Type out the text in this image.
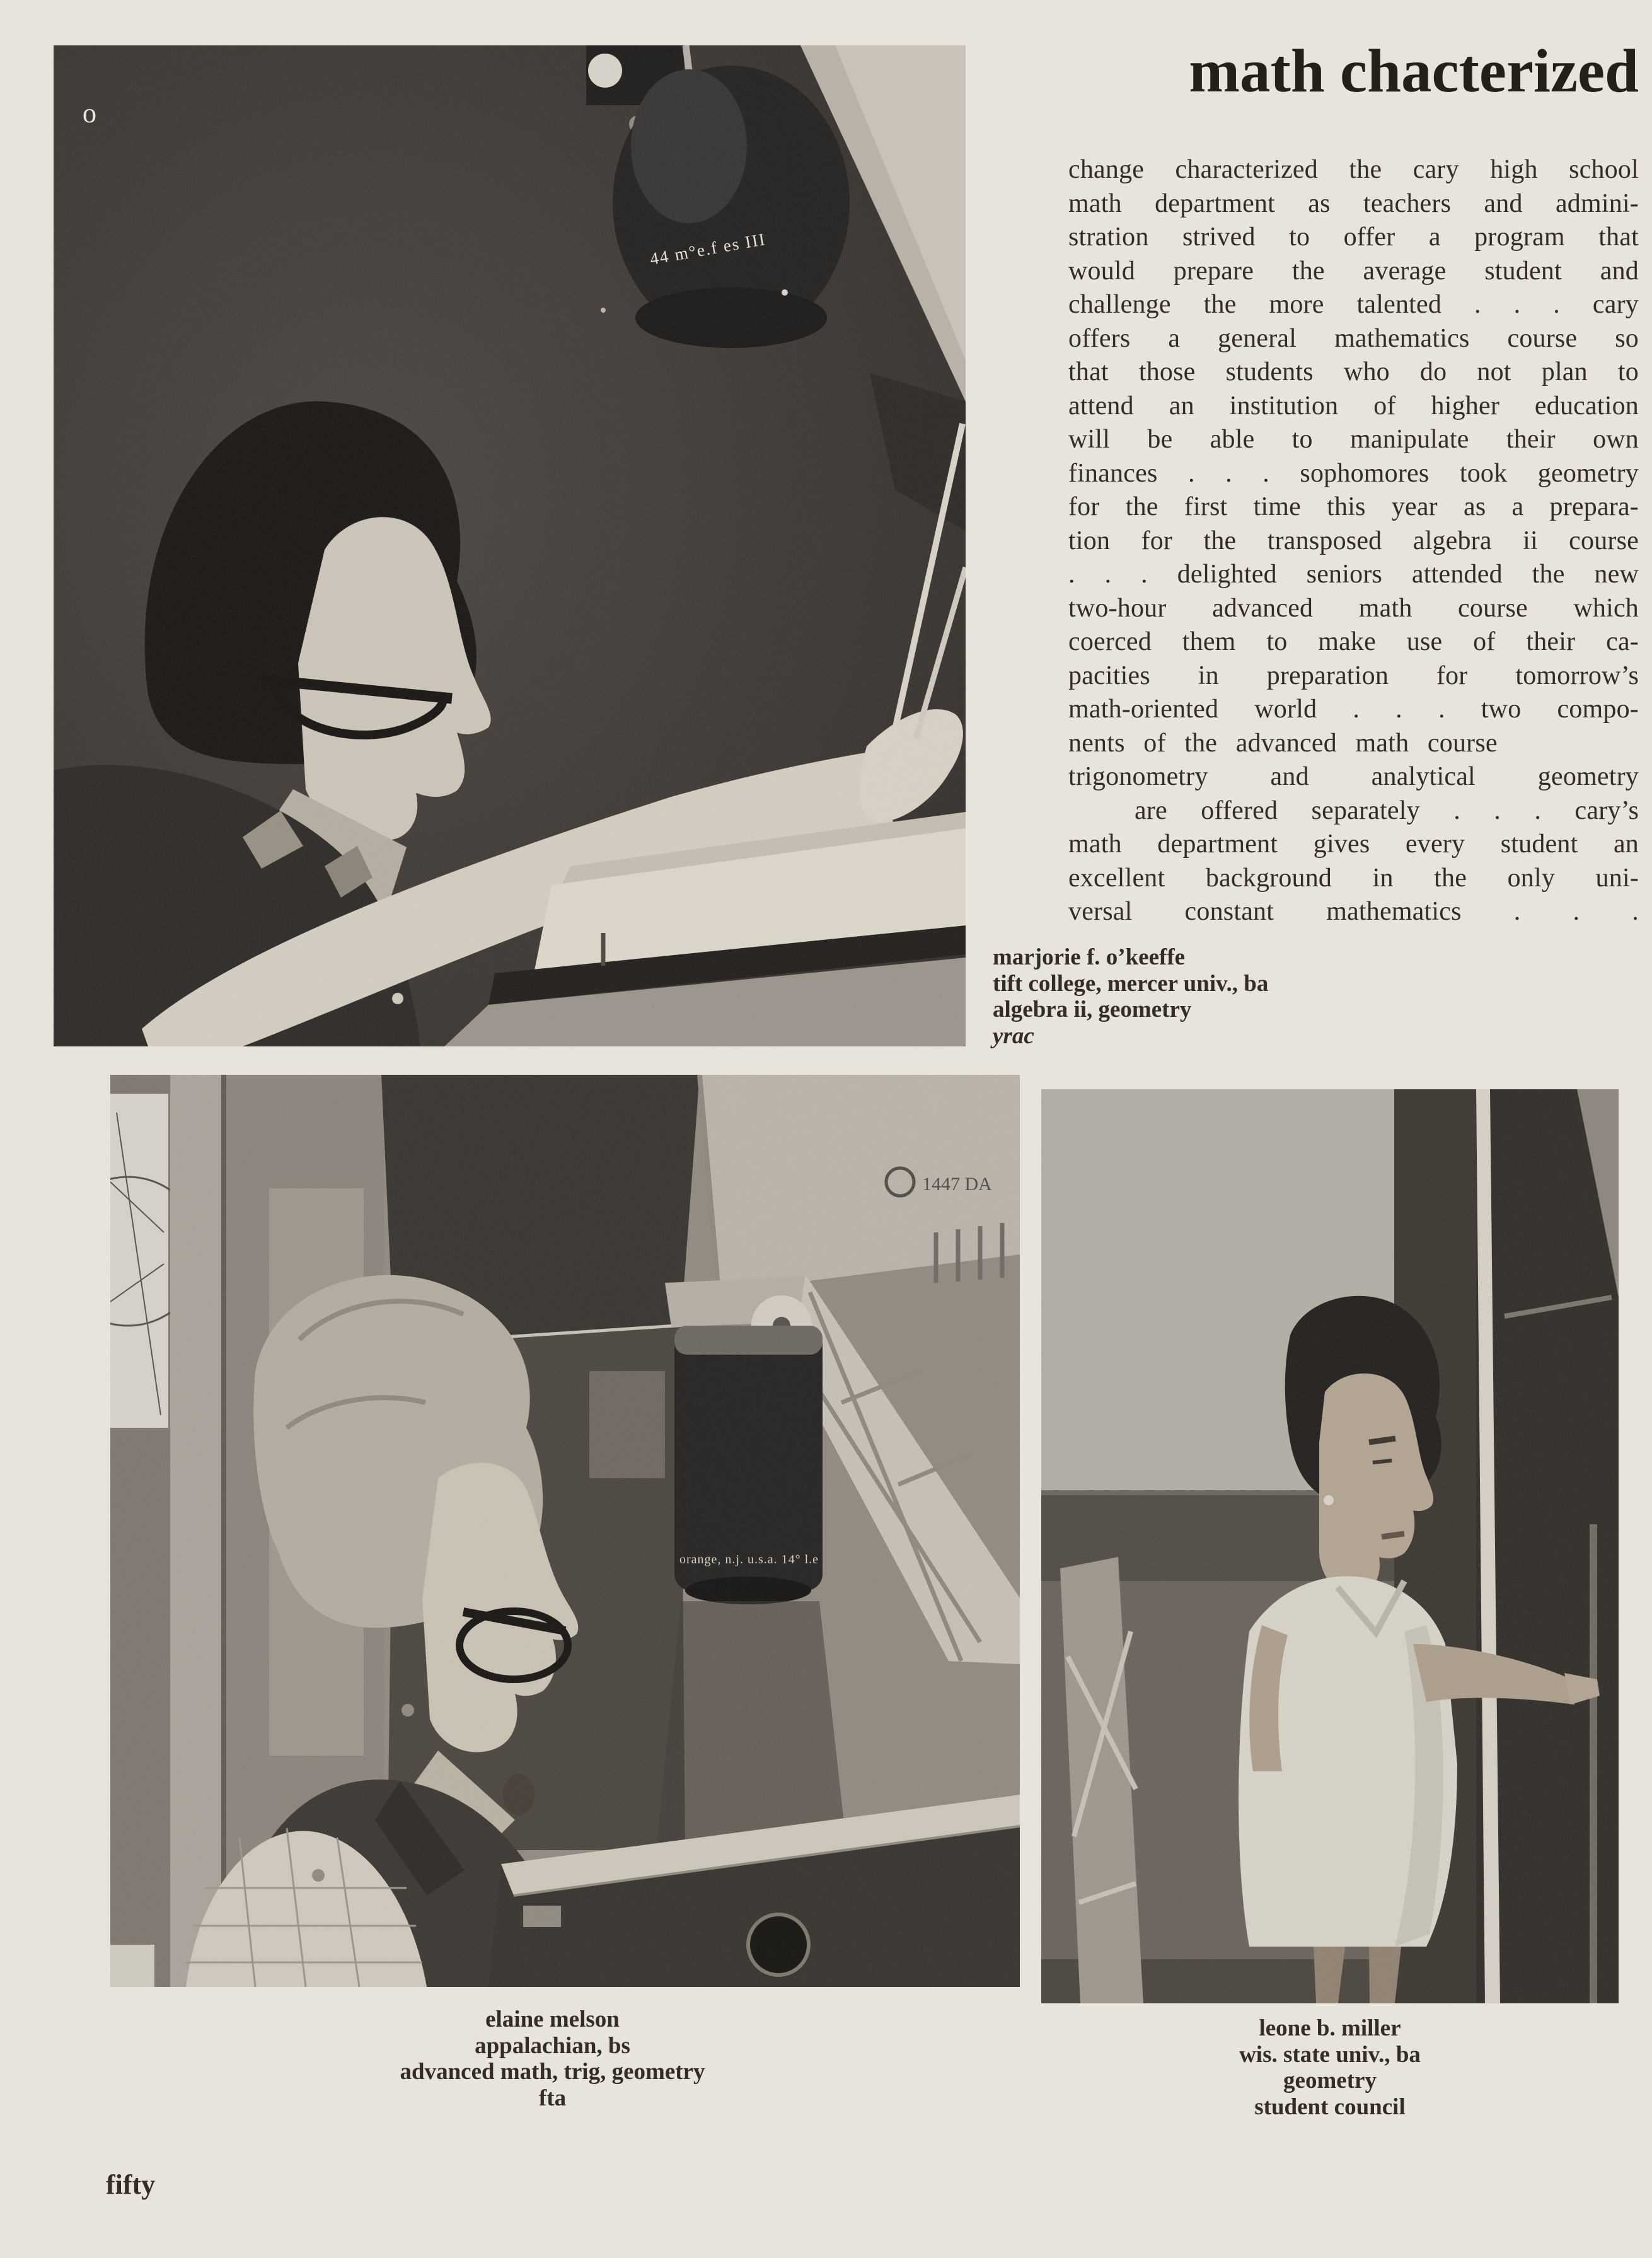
44 m°e.f es III
o
math chacterized
change characterized the cary high school
math department as teachers and admini-
stration strived to offer a program that
would prepare the average student and
challenge the more talented . . . cary
offers a general mathematics course so
that those students who do not plan to
attend an institution of higher education
will be able to manipulate their own
finances . . . sophomores took geometry
for the first time this year as a prepara-
tion for the transposed algebra ii course
. . . delighted seniors attended the new
two-hour advanced math course which
coerced them to make use of their ca-
pacities in preparation for tomorrow’s
math-oriented world . . . two compo-
nents of the advanced math course
trigonometry and analytical geometry
are offered separately . . . cary’s
math department gives every student an
excellent background in the only uni-
versal constant mathematics . . .
marjorie f. o’keeffe
tift college, mercer univ., ba
algebra ii, geometry
yrac
1447 DA
orange, n.j. u.s.a. 14° l.e
elaine melson
appalachian, bs
advanced math, trig, geometry
fta
leone b. miller
wis. state univ., ba
geometry
student council
fifty
